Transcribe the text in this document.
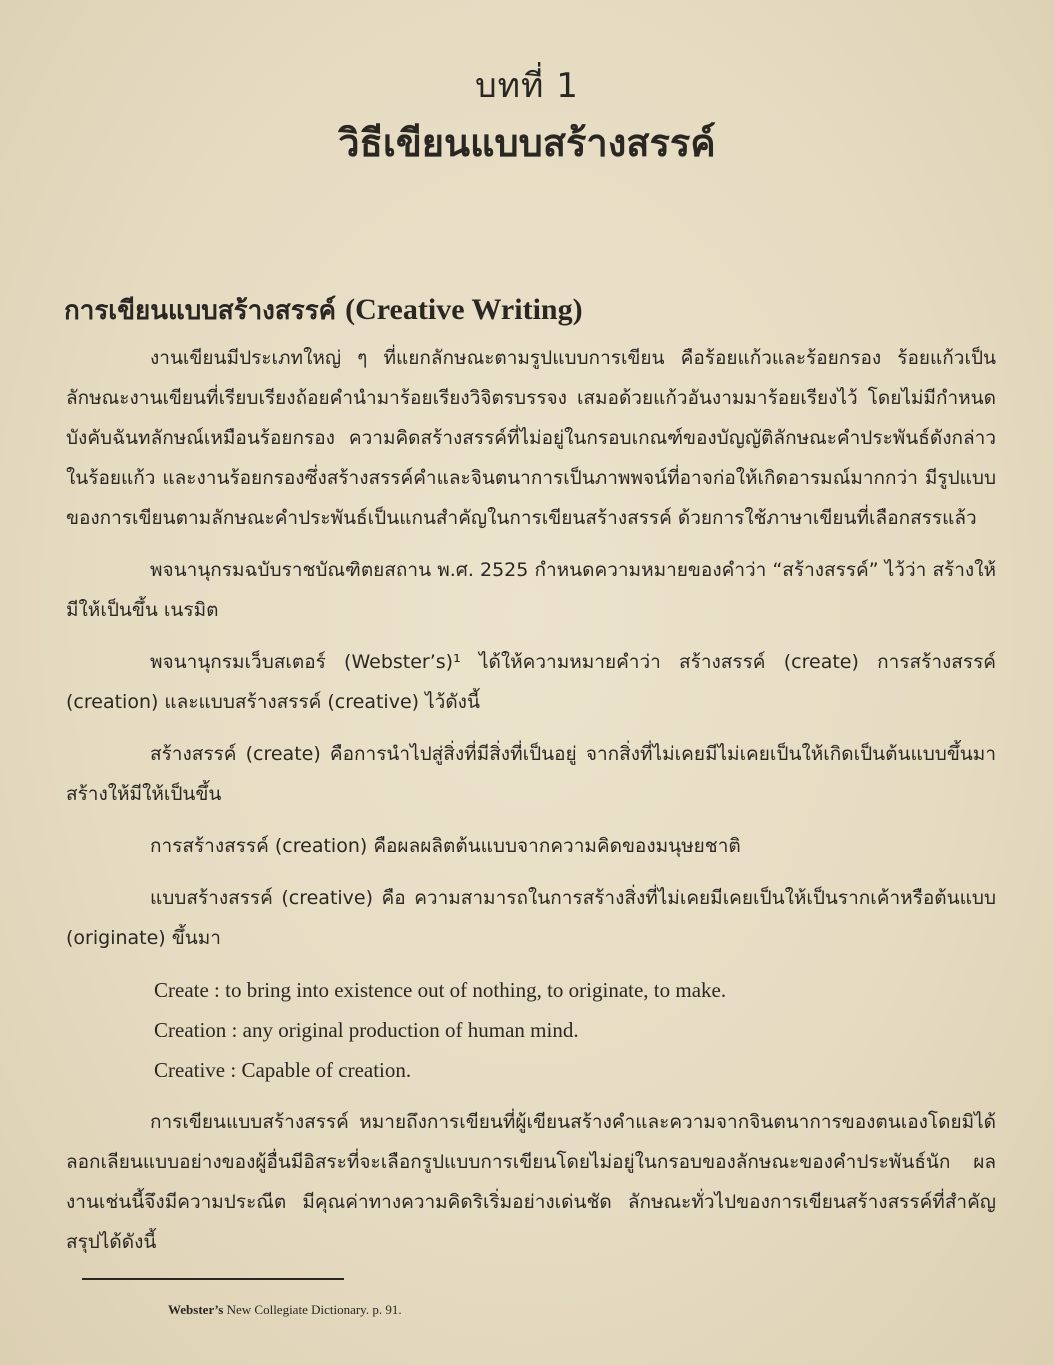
บทที่ 1
วิธีเขียนแบบสร้างสรรค์
การเขียนแบบสร้างสรรค์ (Creative Writing)

งานเขียนมีประเภทใหญ่ ๆ ที่แยกลักษณะตามรูปแบบการเขียน คือร้อยแก้วและร้อยกรอง ร้อยแก้วเป็นลักษณะงานเขียนที่เรียบเรียงถ้อยคำนำมาร้อยเรียงวิจิตรบรรจง เสมอด้วยแก้วอันงามมาร้อยเรียงไว้ โดยไม่มีกำหนดบังคับฉันทลักษณ์เหมือนร้อยกรอง ความคิดสร้างสรรค์ที่ไม่อยู่ในกรอบเกณฑ์ของบัญญัติลักษณะคำประพันธ์ดังกล่าวในร้อยแก้ว และงานร้อยกรองซึ่งสร้างสรรค์คำและจินตนาการเป็นภาพพจน์ที่อาจก่อให้เกิดอารมณ์มากกว่า มีรูปแบบของการเขียนตามลักษณะคำประพันธ์เป็นแกนสำคัญในการเขียนสร้างสรรค์ ด้วยการใช้ภาษาเขียนที่เลือกสรรแล้ว

พจนานุกรมฉบับราชบัณฑิตยสถาน พ.ศ. 2525 กำหนดความหมายของคำว่า “สร้างสรรค์” ไว้ว่า สร้างให้มีให้เป็นขึ้น เนรมิต

พจนานุกรมเว็บสเตอร์ (Webster’s)¹ ได้ให้ความหมายคำว่า สร้างสรรค์ (create) การสร้างสรรค์ (creation) และแบบสร้างสรรค์ (creative) ไว้ดังนี้

สร้างสรรค์ (create) คือการนำไปสู่สิ่งที่มีสิ่งที่เป็นอยู่ จากสิ่งที่ไม่เคยมีไม่เคยเป็นให้เกิดเป็นต้นแบบขึ้นมา สร้างให้มีให้เป็นขึ้น

การสร้างสรรค์ (creation) คือผลผลิตต้นแบบจากความคิดของมนุษยชาติ

แบบสร้างสรรค์ (creative) คือ ความสามารถในการสร้างสิ่งที่ไม่เคยมีเคยเป็นให้เป็นรากเค้าหรือต้นแบบ (originate) ขึ้นมา

Create : to bring into existence out of nothing, to originate, to make.

Creation : any original production of human mind.

Creative : Capable of creation.

การเขียนแบบสร้างสรรค์ หมายถึงการเขียนที่ผู้เขียนสร้างคำและความจากจินตนาการของตนเองโดยมิได้ลอกเลียนแบบอย่างของผู้อื่นมีอิสระที่จะเลือกรูปแบบการเขียนโดยไม่อยู่ในกรอบของลักษณะของคำประพันธ์นัก ผลงานเช่นนี้จึงมีความประณีต มีคุณค่าทางความคิดริเริ่มอย่างเด่นชัด ลักษณะทั่วไปของการเขียนสร้างสรรค์ที่สำคัญ สรุปได้ดังนี้

Webster’s New Collegiate Dictionary. p. 91.
